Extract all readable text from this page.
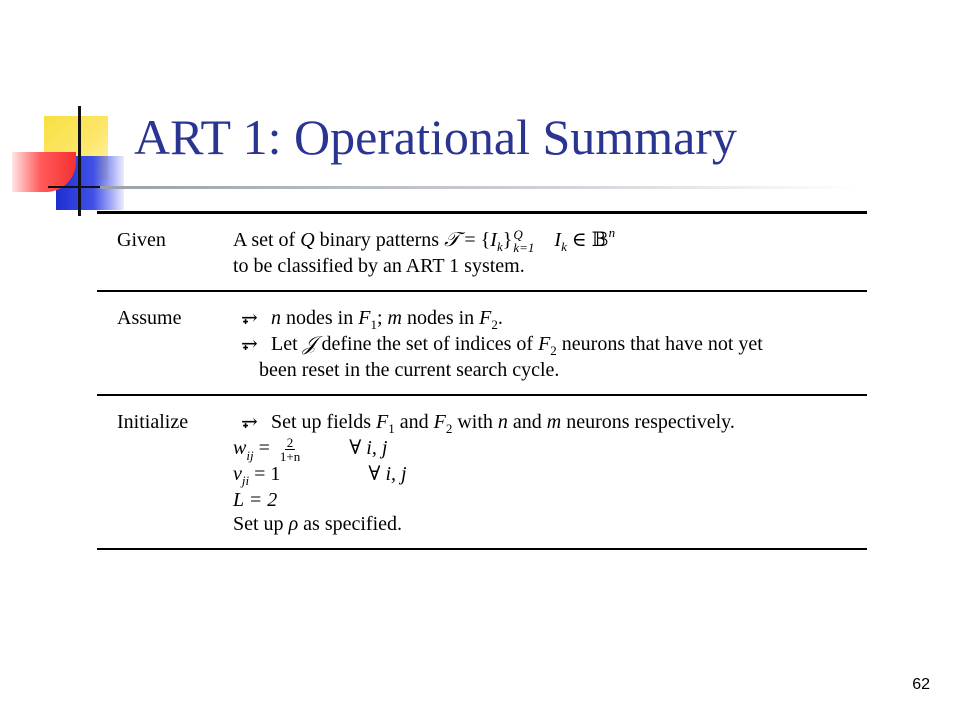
ART 1: Operational Summary
Given	A set of Q binary patterns 𝒯 = $\{I_k\}$ Q
k=1 $I_k$ ∈ 𝔹$^n$
to be classified by an ART 1 system.
Assume	⥅ n nodes in $F_1$; m nodes in $F_2$.
⥅ Let 𝒥 define the set of indices of $F_2$ neurons that have not yet
been reset in the current search cycle.
Initialize	⥅ Set up fields $F_1$ and $F_2$ with n and m neurons respectively.
$w_{ij} = \frac{2}{1+n}$ ∀ i, j
$v_{ji} = 1$	∀ i, j
L = 2
Set up ρ as specified.
62
